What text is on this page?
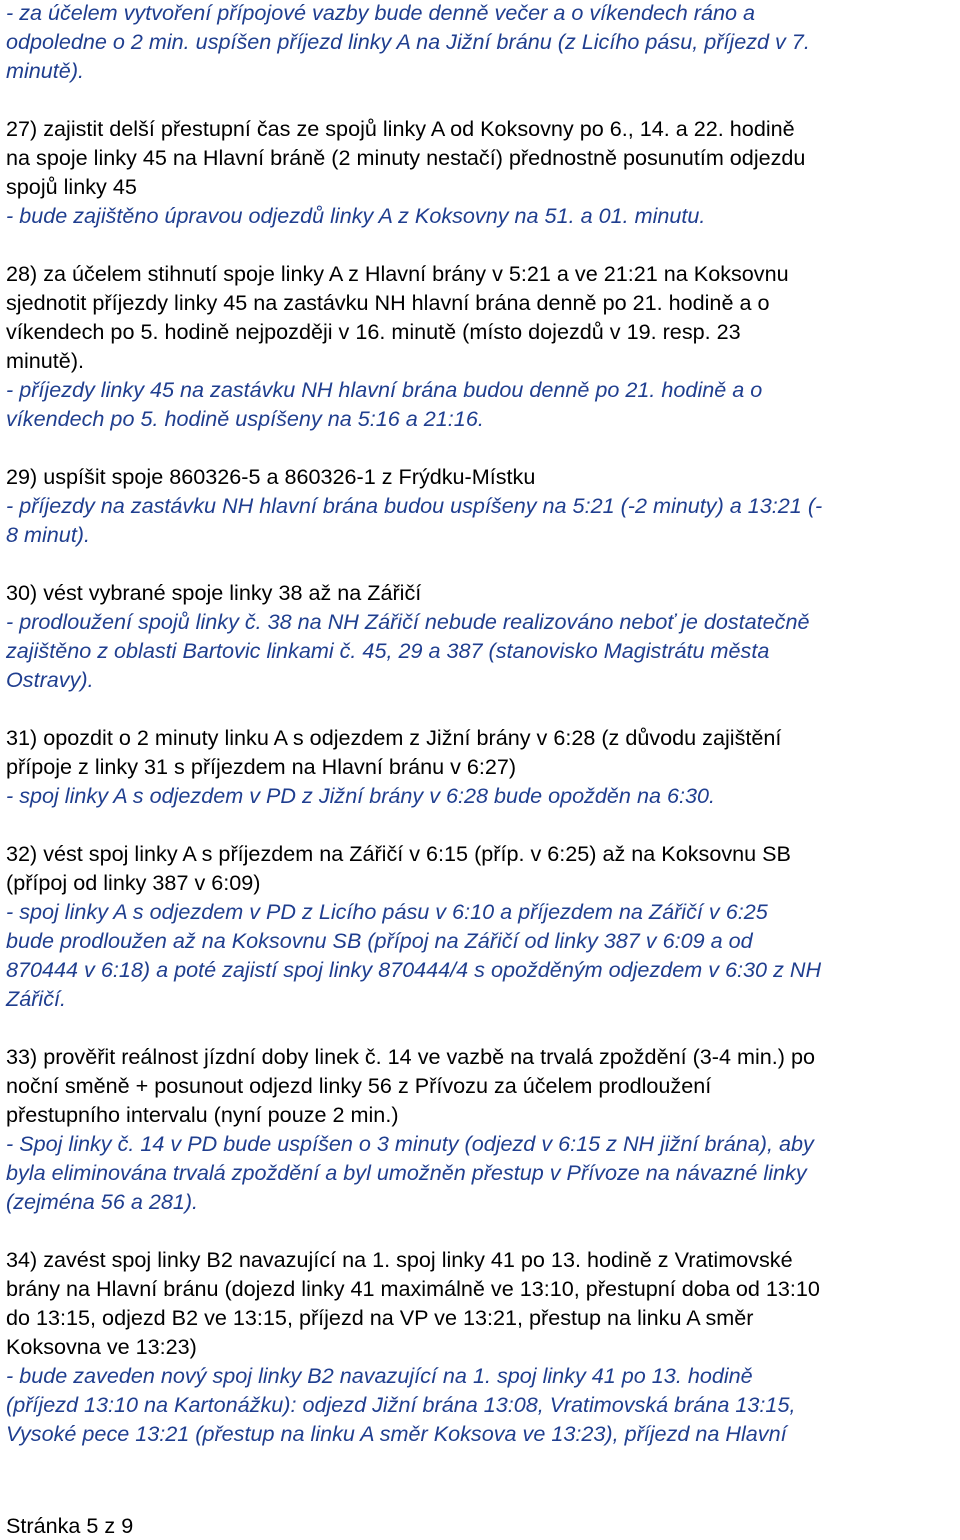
- za účelem vytvoření přípojové vazby bude denně večer a o víkendech ráno a
odpoledne o 2 min. uspíšen příjezd linky A na Jižní bránu (z Licího pásu, příjezd v 7.
minutě).
27) zajistit delší přestupní čas ze spojů linky A od Koksovny po 6., 14. a 22. hodině
na spoje linky 45 na Hlavní bráně (2 minuty nestačí) přednostně posunutím odjezdu
spojů linky 45
- bude zajištěno úpravou odjezdů linky A z Koksovny na 51. a 01. minutu.
28) za účelem stihnutí spoje linky A z Hlavní brány v 5:21 a ve 21:21 na Koksovnu
sjednotit příjezdy linky 45 na zastávku NH hlavní brána denně po 21. hodině a o
víkendech po 5. hodině nejpozději v 16. minutě (místo dojezdů v 19. resp. 23
minutě).
- příjezdy linky 45 na zastávku NH hlavní brána budou denně po 21. hodině a o
víkendech po 5. hodině uspíšeny na 5:16 a 21:16.
29) uspíšit spoje 860326-5 a 860326-1 z Frýdku-Místku
- příjezdy na zastávku NH hlavní brána budou uspíšeny na 5:21 (-2 minuty) a 13:21 (-
8 minut).
30) vést vybrané spoje linky 38 až na Zářičí
- prodloužení spojů linky č. 38 na NH Zářičí nebude realizováno neboť je dostatečně
zajištěno z oblasti Bartovic linkami č. 45, 29 a 387 (stanovisko Magistrátu města
Ostravy).
31) opozdit o 2 minuty linku A s odjezdem z Jižní brány v 6:28 (z důvodu zajištění
přípoje z linky 31 s příjezdem na Hlavní bránu v 6:27)
- spoj linky A s odjezdem v PD z Jižní brány v 6:28 bude opožděn na 6:30.
32) vést spoj linky A s příjezdem na Zářičí v 6:15 (příp. v 6:25) až na Koksovnu SB
(přípoj od linky 387 v 6:09)
- spoj linky A s odjezdem v PD z Licího pásu v 6:10 a příjezdem na Zářičí v 6:25
bude prodloužen až na Koksovnu SB (přípoj na Zářičí od linky 387 v 6:09 a od
870444 v 6:18) a poté zajistí spoj linky 870444/4 s opožděným odjezdem v 6:30 z NH
Zářičí.
33) prověřit reálnost jízdní doby linek č. 14 ve vazbě na trvalá zpoždění (3-4 min.) po
noční směně + posunout odjezd linky 56 z Přívozu za účelem prodloužení
přestupního intervalu (nyní pouze 2 min.)
- Spoj linky č. 14 v PD bude uspíšen o 3 minuty (odjezd v 6:15 z NH jižní brána), aby
byla eliminována trvalá zpoždění a byl umožněn přestup v Přívoze na návazné linky
(zejména 56 a 281).
34) zavést spoj linky B2 navazující na 1. spoj linky 41 po 13. hodině z Vratimovské
brány na Hlavní bránu (dojezd linky 41 maximálně ve 13:10, přestupní doba od 13:10
do 13:15, odjezd B2 ve 13:15, příjezd na VP ve 13:21, přestup na linku A směr
Koksovna ve 13:23)
- bude zaveden nový spoj linky B2 navazující na 1. spoj linky 41 po 13. hodině
(příjezd 13:10 na Kartonážku): odjezd Jižní brána 13:08, Vratimovská brána 13:15,
Vysoké pece 13:21 (přestup na linku A směr Koksova ve 13:23), příjezd na Hlavní
Stránka 5 z 9
